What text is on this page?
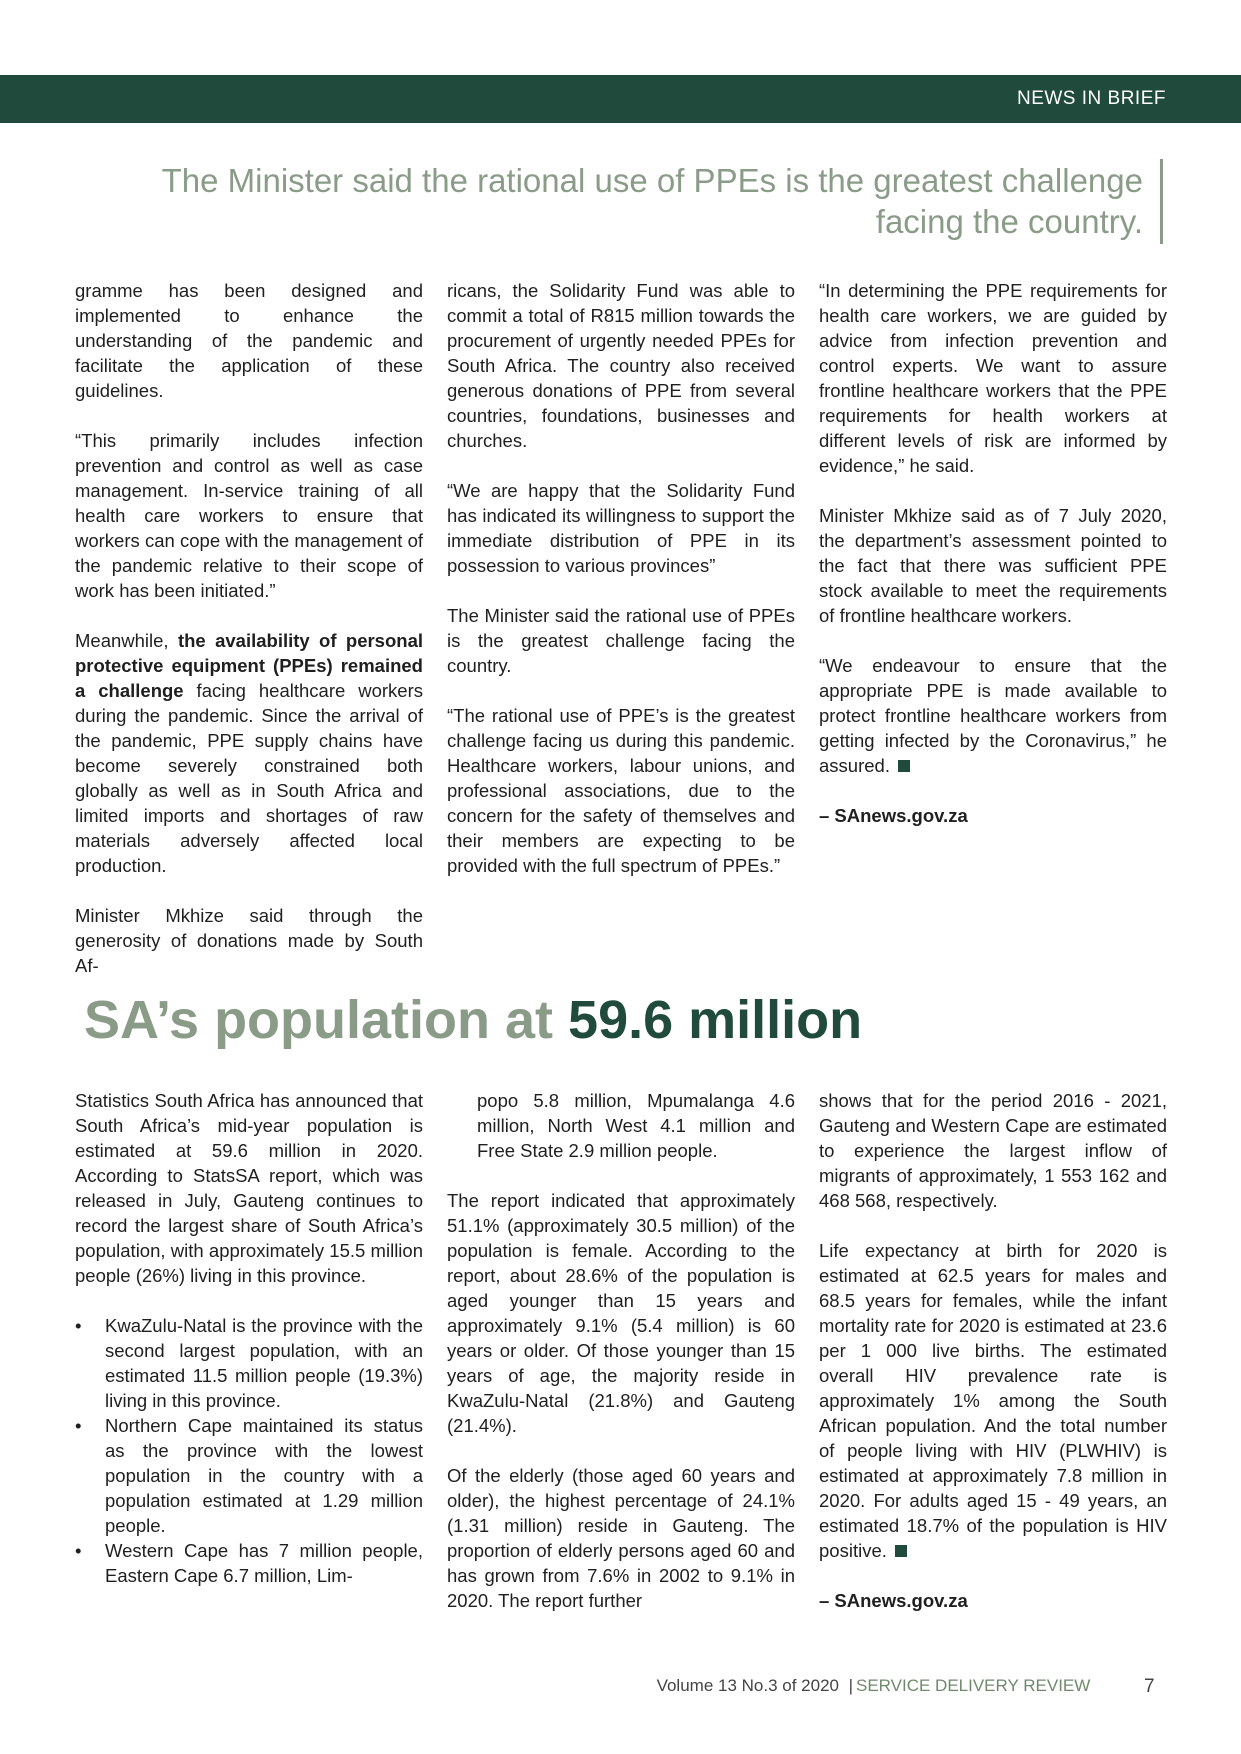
NEWS IN BRIEF
The Minister said the rational use of PPEs is the greatest challenge facing the country.

gramme has been designed and implemented to enhance the understanding of the pandemic and facilitate the application of these guidelines.

“This primarily includes infection prevention and control as well as case management. In-service training of all health care workers to ensure that workers can cope with the management of the pandemic relative to their scope of work has been initiated.”

Meanwhile, the availability of personal protective equipment (PPEs) remained a challenge facing healthcare workers during the pandemic. Since the arrival of the pandemic, PPE supply chains have become severely constrained both globally as well as in South Africa and limited imports and shortages of raw materials adversely affected local production.

Minister Mkhize said through the generosity of donations made by South Af-

ricans, the Solidarity Fund was able to commit a total of R815 million towards the procurement of urgently needed PPEs for South Africa. The country also received generous donations of PPE from several countries, foundations, businesses and churches.

“We are happy that the Solidarity Fund has indicated its willingness to support the immediate distribution of PPE in its possession to various provinces”

The Minister said the rational use of PPEs is the greatest challenge facing the country.

“The rational use of PPE’s is the greatest challenge facing us during this pandemic. Healthcare workers, labour unions, and professional associations, due to the concern for the safety of themselves and their members are expecting to be provided with the full spectrum of PPEs.”

“In determining the PPE requirements for health care workers, we are guided by advice from infection prevention and control experts. We want to assure frontline healthcare workers that the PPE requirements for health workers at different levels of risk are informed by evidence,” he said.

Minister Mkhize said as of 7 July 2020, the department’s assessment pointed to the fact that there was sufficient PPE stock available to meet the requirements of frontline healthcare workers.

“We endeavour to ensure that the appropriate PPE is made available to protect frontline healthcare workers from getting infected by the Coronavirus,” he assured.

– SAnews.gov.za

SA’s population at 59.6 million

Statistics South Africa has announced that South Africa’s mid-year population is estimated at 59.6 million in 2020. According to StatsSA report, which was released in July, Gauteng continues to record the largest share of South Africa’s population, with approximately 15.5 million people (26%) living in this province.

• KwaZulu-Natal is the province with the second largest population, with an estimated 11.5 million people (19.3%) living in this province.
• Northern Cape maintained its status as the province with the lowest population in the country with a population estimated at 1.29 million people.
• Western Cape has 7 million people, Eastern Cape 6.7 million, Lim-

popo 5.8 million, Mpumalanga 4.6 million, North West 4.1 million and Free State 2.9 million people.

The report indicated that approximately 51.1% (approximately 30.5 million) of the population is female. According to the report, about 28.6% of the population is aged younger than 15 years and approximately 9.1% (5.4 million) is 60 years or older. Of those younger than 15 years of age, the majority reside in KwaZulu-Natal (21.8%) and Gauteng (21.4%).

Of the elderly (those aged 60 years and older), the highest percentage of 24.1% (1.31 million) reside in Gauteng. The proportion of elderly persons aged 60 and has grown from 7.6% in 2002 to 9.1% in 2020. The report further

shows that for the period 2016 - 2021, Gauteng and Western Cape are estimated to experience the largest inflow of migrants of approximately, 1 553 162 and 468 568, respectively.

Life expectancy at birth for 2020 is estimated at 62.5 years for males and 68.5 years for females, while the infant mortality rate for 2020 is estimated at 23.6 per 1 000 live births. The estimated overall HIV prevalence rate is approximately 1% among the South African population. And the total number of people living with HIV (PLWHIV) is estimated at approximately 7.8 million in 2020. For adults aged 15 - 49 years, an estimated 18.7% of the population is HIV positive.

– SAnews.gov.za

Volume 13 No.3 of 2020 | SERVICE DELIVERY REVIEW	7
